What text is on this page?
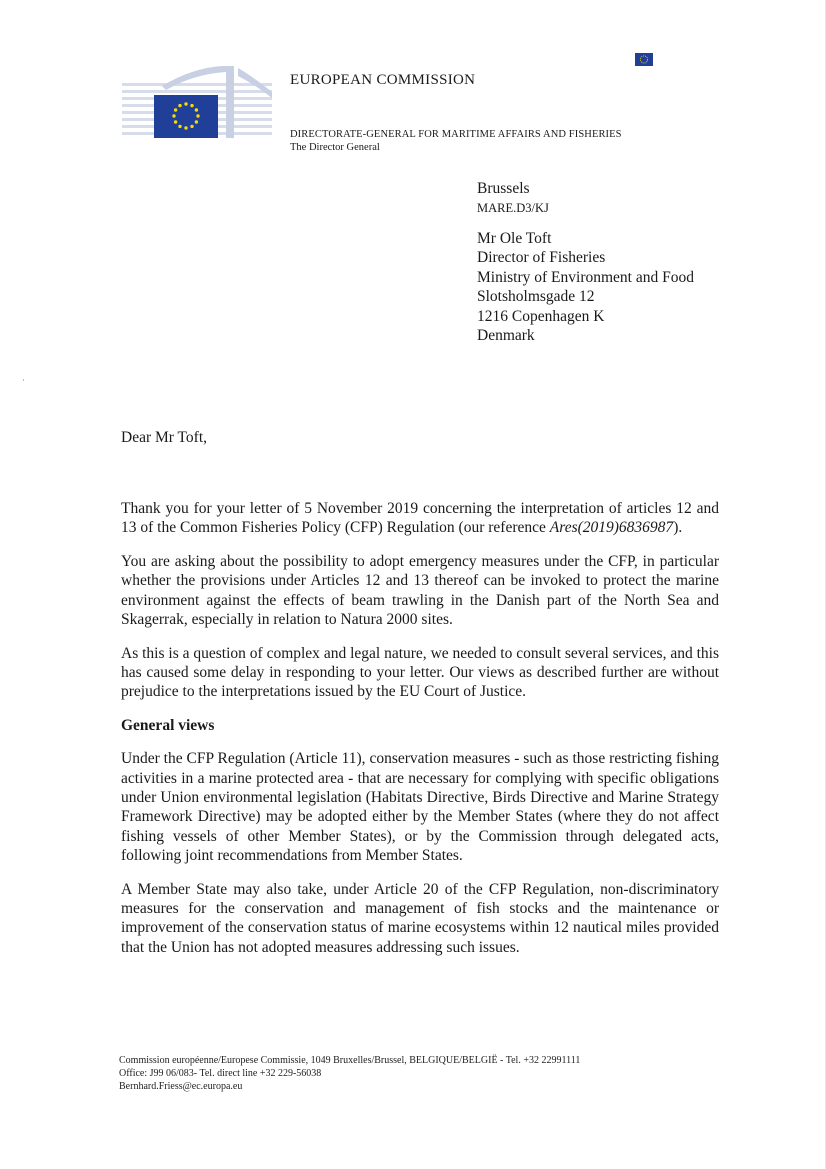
EUROPEAN COMMISSION
DIRECTORATE-GENERAL FOR MARITIME AFFAIRS AND FISHERIES
The Director General
Brussels
MARE.D3/KJ
Mr Ole Toft
Director of Fisheries
Ministry of Environment and Food
Slotsholmsgade 12
1216 Copenhagen K
Denmark
Dear Mr Toft,

Thank you for your letter of 5 November 2019 concerning the interpretation of articles 12 and 13 of the Common Fisheries Policy (CFP) Regulation (our reference Ares(2019)6836987).

You are asking about the possibility to adopt emergency measures under the CFP, in particular whether the provisions under Articles 12 and 13 thereof can be invoked to protect the marine environment against the effects of beam trawling in the Danish part of the North Sea and Skagerrak, especially in relation to Natura 2000 sites.

As this is a question of complex and legal nature, we needed to consult several services, and this has caused some delay in responding to your letter. Our views as described further are without prejudice to the interpretations issued by the EU Court of Justice.

General views

Under the CFP Regulation (Article 11), conservation measures - such as those restricting fishing activities in a marine protected area - that are necessary for complying with specific obligations under Union environmental legislation (Habitats Directive, Birds Directive and Marine Strategy Framework Directive) may be adopted either by the Member States (where they do not affect fishing vessels of other Member States), or by the Commission through delegated acts, following joint recommendations from Member States.

A Member State may also take, under Article 20 of the CFP Regulation, non-discriminatory measures for the conservation and management of fish stocks and the maintenance or improvement of the conservation status of marine ecosystems within 12 nautical miles provided that the Union has not adopted measures addressing such issues.

Commission européenne/Europese Commissie, 1049 Bruxelles/Brussel, BELGIQUE/BELGIË - Tel. +32 22991111
Office: J99 06/083- Tel. direct line +32 229-56038
Bernhard.Friess@ec.europa.eu
